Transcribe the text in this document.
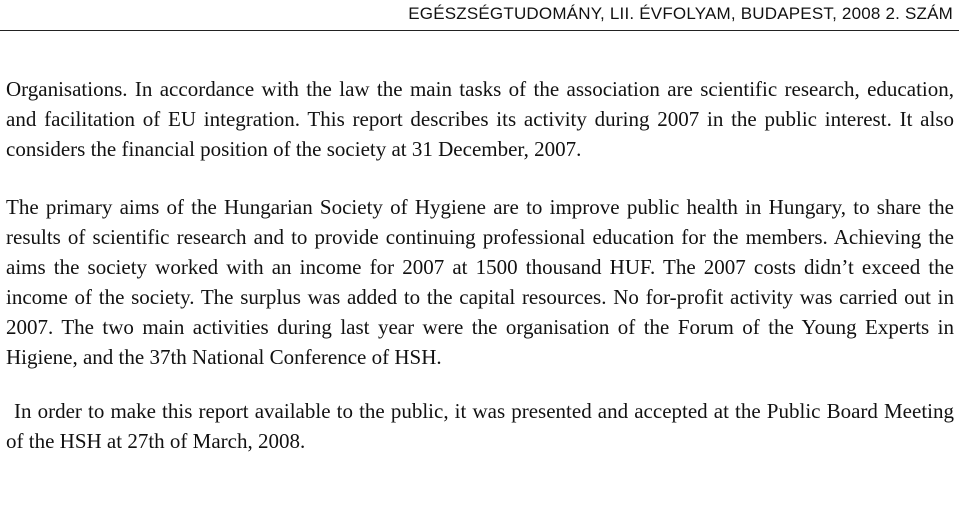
EGÉSZSÉGTUDOMÁNY, LII. ÉVFOLYAM, BUDAPEST, 2008 2. SZÁM

Organisations. In accordance with the law the main tasks of the association are scientific research, education, and facilitation of EU integration. This report describes its activity during 2007 in the public interest. It also considers the financial position of the society at 31 December, 2007.

The primary aims of the Hungarian Society of Hygiene are to improve public health in Hungary, to share the results of scientific research and to provide continuing professional education for the members. Achieving the aims the society worked with an income for 2007 at 1500 thousand HUF. The 2007 costs didn’t exceed the income of the society. The surplus was added to the capital resources. No for-profit activity was carried out in 2007. The two main activities during last year were the organisation of the Forum of the Young Experts in Higiene, and the 37th National Conference of HSH.

In order to make this report available to the public, it was presented and accepted at the Public Board Meeting of the HSH at 27th of March, 2008.
